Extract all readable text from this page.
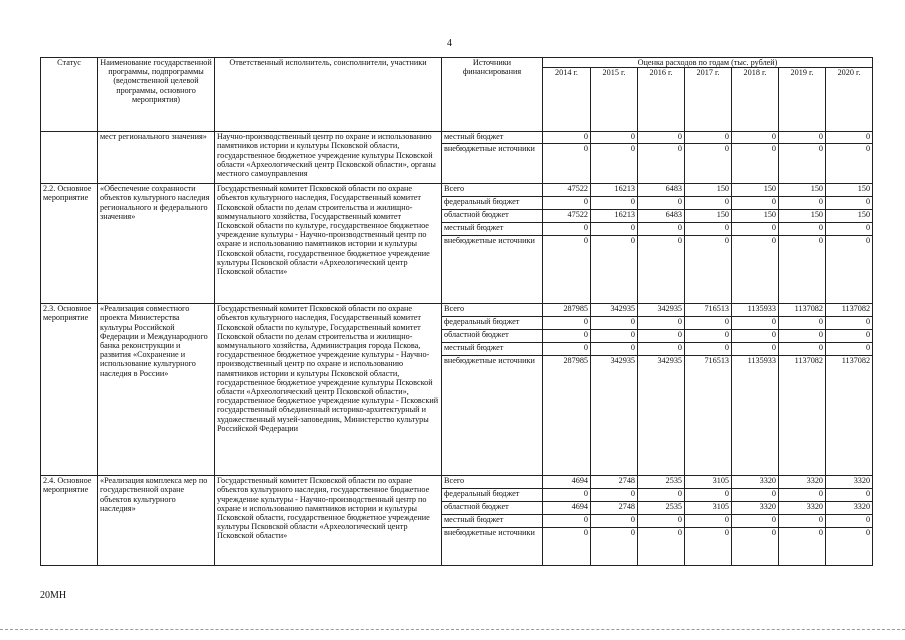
4
Статус	Наименование государственной программы, подпрограммы (ведомственной целевой программы, основного мероприятия)	Ответственный исполнитель, соисполнители, участники	Источники финансирования	Оценка расходов по годам (тыс. рублей)						
				2014 г.	2015 г.	2016 г.	2017 г.	2018 г.	2019 г.	2020 г.
	мест регионального значения»	Научно-производственный центр по охране и использованию памятников истории и культуры Псковской области, государственное бюджетное учреждение культуры Псковской области «Археологический центр Псковской области», органы местного самоуправления	местный бюджет	0	0	0	0	0	0	0
			внебюджетные источники	0	0	0	0	0	0	0
2.2. Основное мероприятие	«Обеспечение сохранности объектов культурного наследия регионального и федерального значения»	Государственный комитет Псковской области по охране объектов культурного наследия, Государственный комитет Псковской области по делам строительства и жилищно-коммунального хозяйства, Государственный комитет Псковской области по культуре, государственное бюджетное учреждение культуры - Научно-производственный центр по охране и использованию памятников истории и культуры Псковской области, государственное бюджетное учреждение культуры Псковской области «Археологический центр Псковской области»	Всего	47522	16213	6483	150	150	150	150
			федеральный бюджет	0	0	0	0	0	0	0
			областной бюджет	47522	16213	6483	150	150	150	150
			местный бюджет	0	0	0	0	0	0	0
			внебюджетные источники	0	0	0	0	0	0	0
2.3. Основное мероприятие	«Реализация совместного проекта Министерства культуры Российской Федерации и Международного банка реконструкции и развития «Сохранение и использование культурного наследия в России»	Государственный комитет Псковской области по охране объектов культурного наследия, Государственный комитет Псковской области по культуре, Государственный комитет Псковской области по делам строительства и жилищно-коммунального хозяйства, Администрация города Пскова, государственное бюджетное учреждение культуры - Научно-производственный центр по охране и использованию памятников истории и культуры Псковской области, государственное бюджетное учреждение культуры Псковской области «Археологический центр Псковской области», государственное бюджетное учреждение культуры - Псковский государственный объединенный историко-архитектурный и художественный музей-заповедник, Министерство культуры Российской Федерации	Всего	287985	342935	342935	716513	1135933	1137082	1137082
			федеральный бюджет	0	0	0	0	0	0	0
			областной бюджет	0	0	0	0	0	0	0
			местный бюджет	0	0	0	0	0	0	0
			внебюджетные источники	287985	342935	342935	716513	1135933	1137082	1137082
2.4. Основное мероприятие	«Реализация комплекса мер по государственной охране объектов культурного наследия»	Государственный комитет Псковской области по охране объектов культурного наследия, государственное бюджетное учреждение культуры - Научно-производственный центр по охране и использованию памятников истории и культуры Псковской области, государственное бюджетное учреждение культуры Псковской области «Археологический центр Псковской области»	Всего	4694	2748	2535	3105	3320	3320	3320
			федеральный бюджет	0	0	0	0	0	0	0
			областной бюджет	4694	2748	2535	3105	3320	3320	3320
			местный бюджет	0	0	0	0	0	0	0
			внебюджетные источники	0	0	0	0	0	0	0
20МН
